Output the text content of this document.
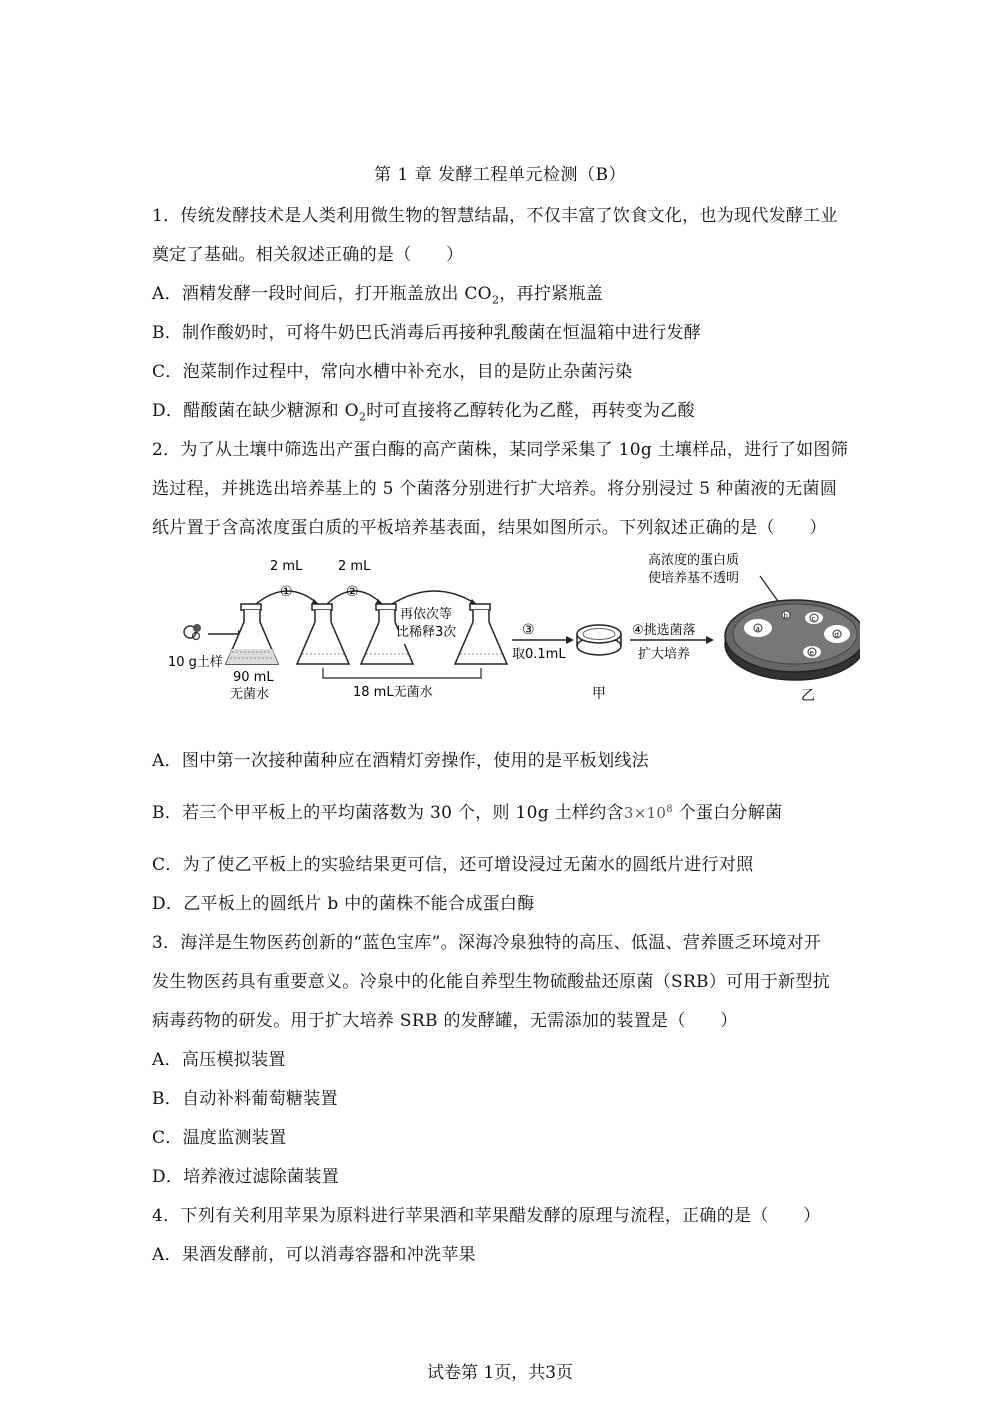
第 1 章 发酵工程单元检测（B）
1．传统发酵技术是人类利用微生物的智慧结晶，不仅丰富了饮食文化，也为现代发酵工业
奠定了基础。相关叙述正确的是（　　）
A．酒精发酵一段时间后，打开瓶盖放出 $CO_2$，再拧紧瓶盖
B．制作酸奶时，可将牛奶巴氏消毒后再接种乳酸菌在恒温箱中进行发酵
C．泡菜制作过程中，常向水槽中补充水，目的是防止杂菌污染
D．醋酸菌在缺少糖源和 $O_2$时可直接将乙醇转化为乙醛，再转变为乙酸
2．为了从土壤中筛选出产蛋白酶的高产菌株，某同学采集了 10g 土壤样品，进行了如图筛
选过程，并挑选出培养基上的 5 个菌落分别进行扩大培养。将分别浸过 5 种菌液的无菌圆
纸片置于含高浓度蛋白质的平板培养基表面，结果如图所示。下列叙述正确的是（　　）
10 g土样
90 mL
无菌水
2 mL
①
2 mL
②
再依次等
比稀释3次
18 mL无菌水
③
取0.1mL
甲
④挑选菌落
扩大培养
高浓度的蛋白质
使培养基不透明
a
b	c
d
e
乙
A．图中第一次接种菌种应在酒精灯旁操作，使用的是平板划线法
B．若三个甲平板上的平均菌落数为 30 个，则 10g 土样约含$3\times 10^8$ 个蛋白分解菌
C．为了使乙平板上的实验结果更可信，还可增设浸过无菌水的圆纸片进行对照
D．乙平板上的圆纸片 b 中的菌株不能合成蛋白酶
3．海洋是生物医药创新的“蓝色宝库”。深海冷泉独特的高压、低温、营养匮乏环境对开
发生物医药具有重要意义。冷泉中的化能自养型生物硫酸盐还原菌（SRB）可用于新型抗
病毒药物的研发。用于扩大培养 SRB 的发酵罐，无需添加的装置是（　　）
A．高压模拟装置
B．自动补料葡萄糖装置
C．温度监测装置
D．培养液过滤除菌装置
4．下列有关利用苹果为原料进行苹果酒和苹果醋发酵的原理与流程，正确的是（　　）
A．果酒发酵前，可以消毒容器和冲洗苹果
试卷第 1页，共3页
